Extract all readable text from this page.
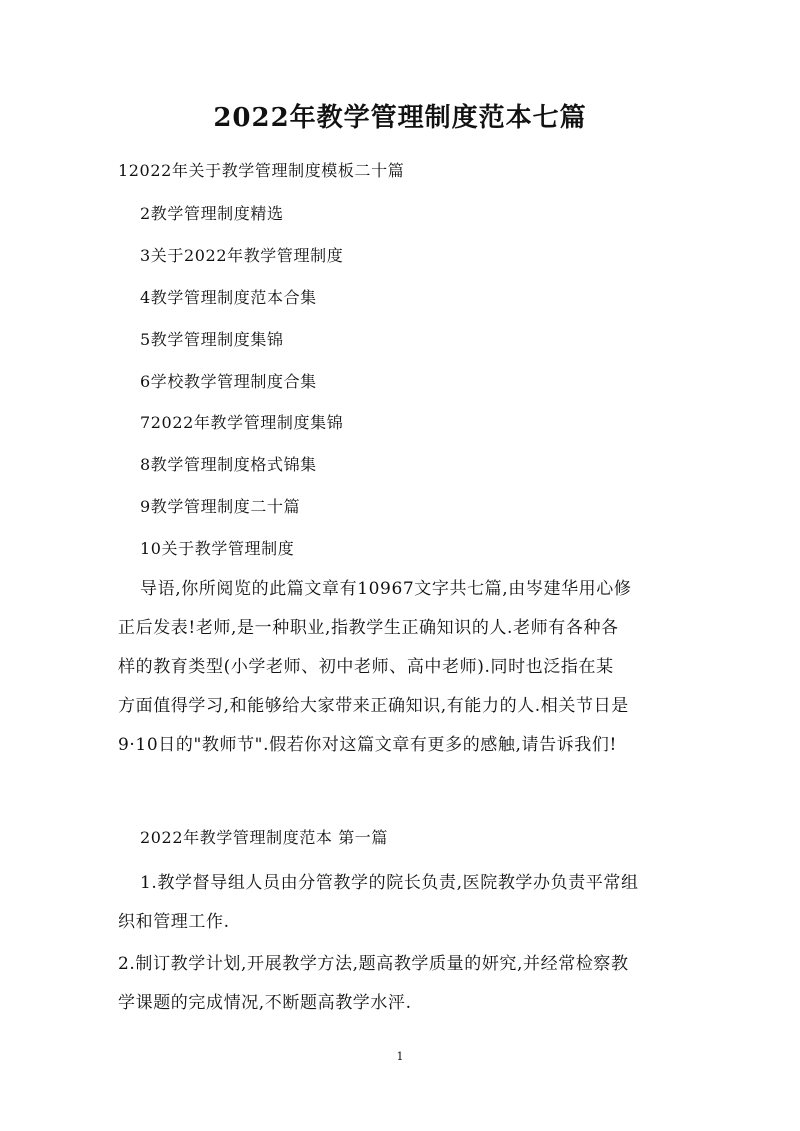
2022年教学管理制度范本七篇
12022年关于教学管理制度模板二十篇
2教学管理制度精选
3关于2022年教学管理制度
4教学管理制度范本合集
5教学管理制度集锦
6学校教学管理制度合集
72022年教学管理制度集锦
8教学管理制度格式锦集
9教学管理制度二十篇
10关于教学管理制度
导语,你所阅览的此篇文章有10967文字共七篇,由岑建华用心修
正后发表!老师,是一种职业,指教学生正确知识的人.老师有各种各
样的教育类型(小学老师、初中老师、高中老师).同时也泛指在某
方面值得学习,和能够给大家带来正确知识,有能力的人.相关节日是
9·10日的"教师节".假若你对这篇文章有更多的感触,请告诉我们!
2022年教学管理制度范本 第一篇
1.教学督导组人员由分管教学的院长负责,医院教学办负责平常组
织和管理工作.
2.制订教学计划,开展教学方法,题高教学质量的妍究,并经常检察教
学课题的完成情况,不断题高教学水泙.
1
